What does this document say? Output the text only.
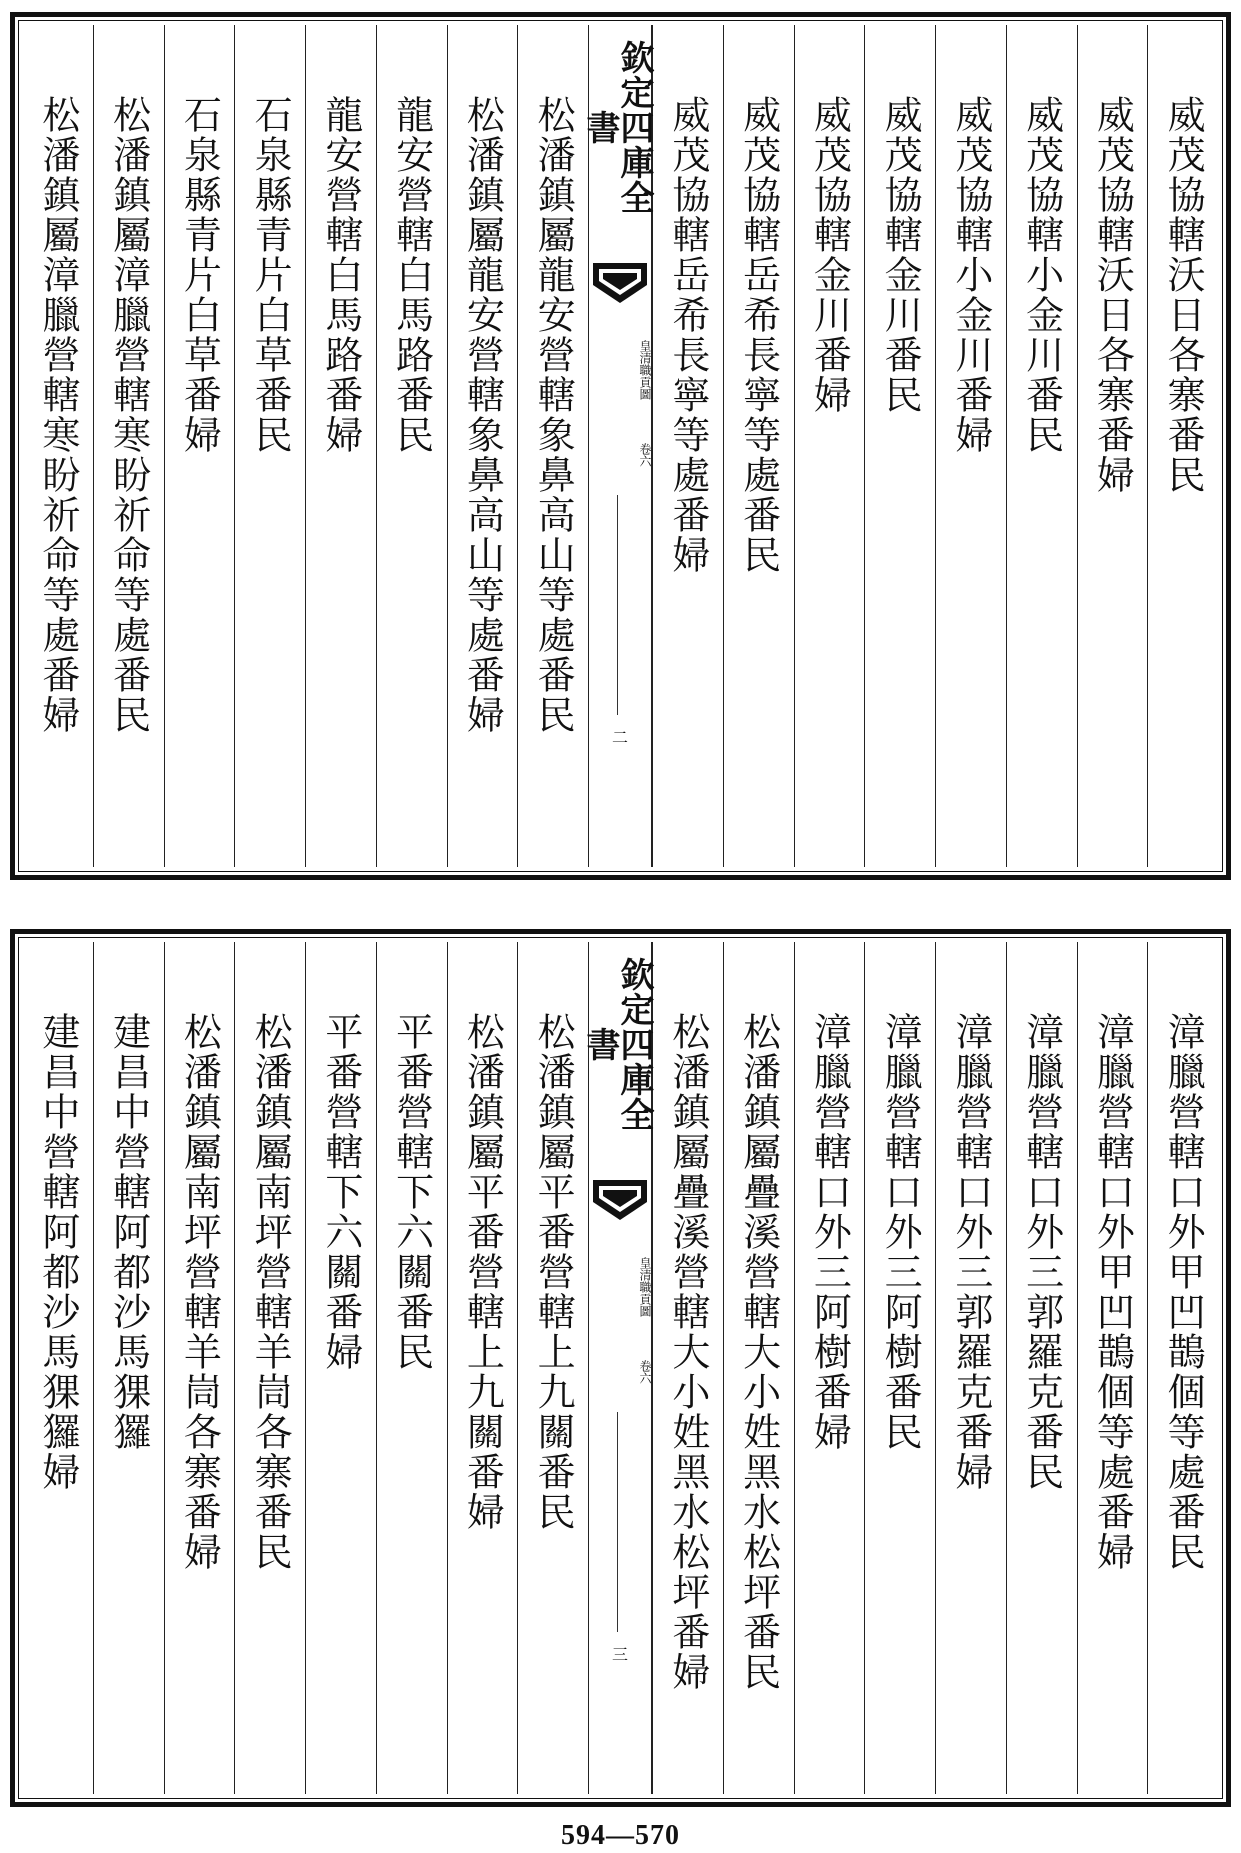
威茂協轄沃日各寨番民
威茂協轄沃日各寨番婦
威茂協轄小金川番民
威茂協轄小金川番婦
威茂協轄金川番民
威茂協轄金川番婦
威茂協轄岳希長寧等處番民
威茂協轄岳希長寧等處番婦
欽定四庫全書
皇清職貢圖
卷六
二
松潘鎮屬龍安營轄象鼻高山等處番民
松潘鎮屬龍安營轄象鼻高山等處番婦
龍安營轄白馬路番民
龍安營轄白馬路番婦
石泉縣青片白草番民
石泉縣青片白草番婦
松潘鎮屬漳臘營轄寒盼祈命等處番民
松潘鎮屬漳臘營轄寒盼祈命等處番婦
漳臘營轄口外甲凹鵲個等處番民
漳臘營轄口外甲凹鵲個等處番婦
漳臘營轄口外三郭羅克番民
漳臘營轄口外三郭羅克番婦
漳臘營轄口外三阿樹番民
漳臘營轄口外三阿樹番婦
松潘鎮屬疊溪營轄大小姓黑水松坪番民
松潘鎮屬疊溪營轄大小姓黑水松坪番婦
欽定四庫全書
皇清職貢圖
卷六
三
松潘鎮屬平番營轄上九關番民
松潘鎮屬平番營轄上九關番婦
平番營轄下六關番民
平番營轄下六關番婦
松潘鎮屬南坪營轄羊峝各寨番民
松潘鎮屬南坪營轄羊峝各寨番婦
建昌中營轄阿都沙馬猓玀
建昌中營轄阿都沙馬猓玀婦
594—570
